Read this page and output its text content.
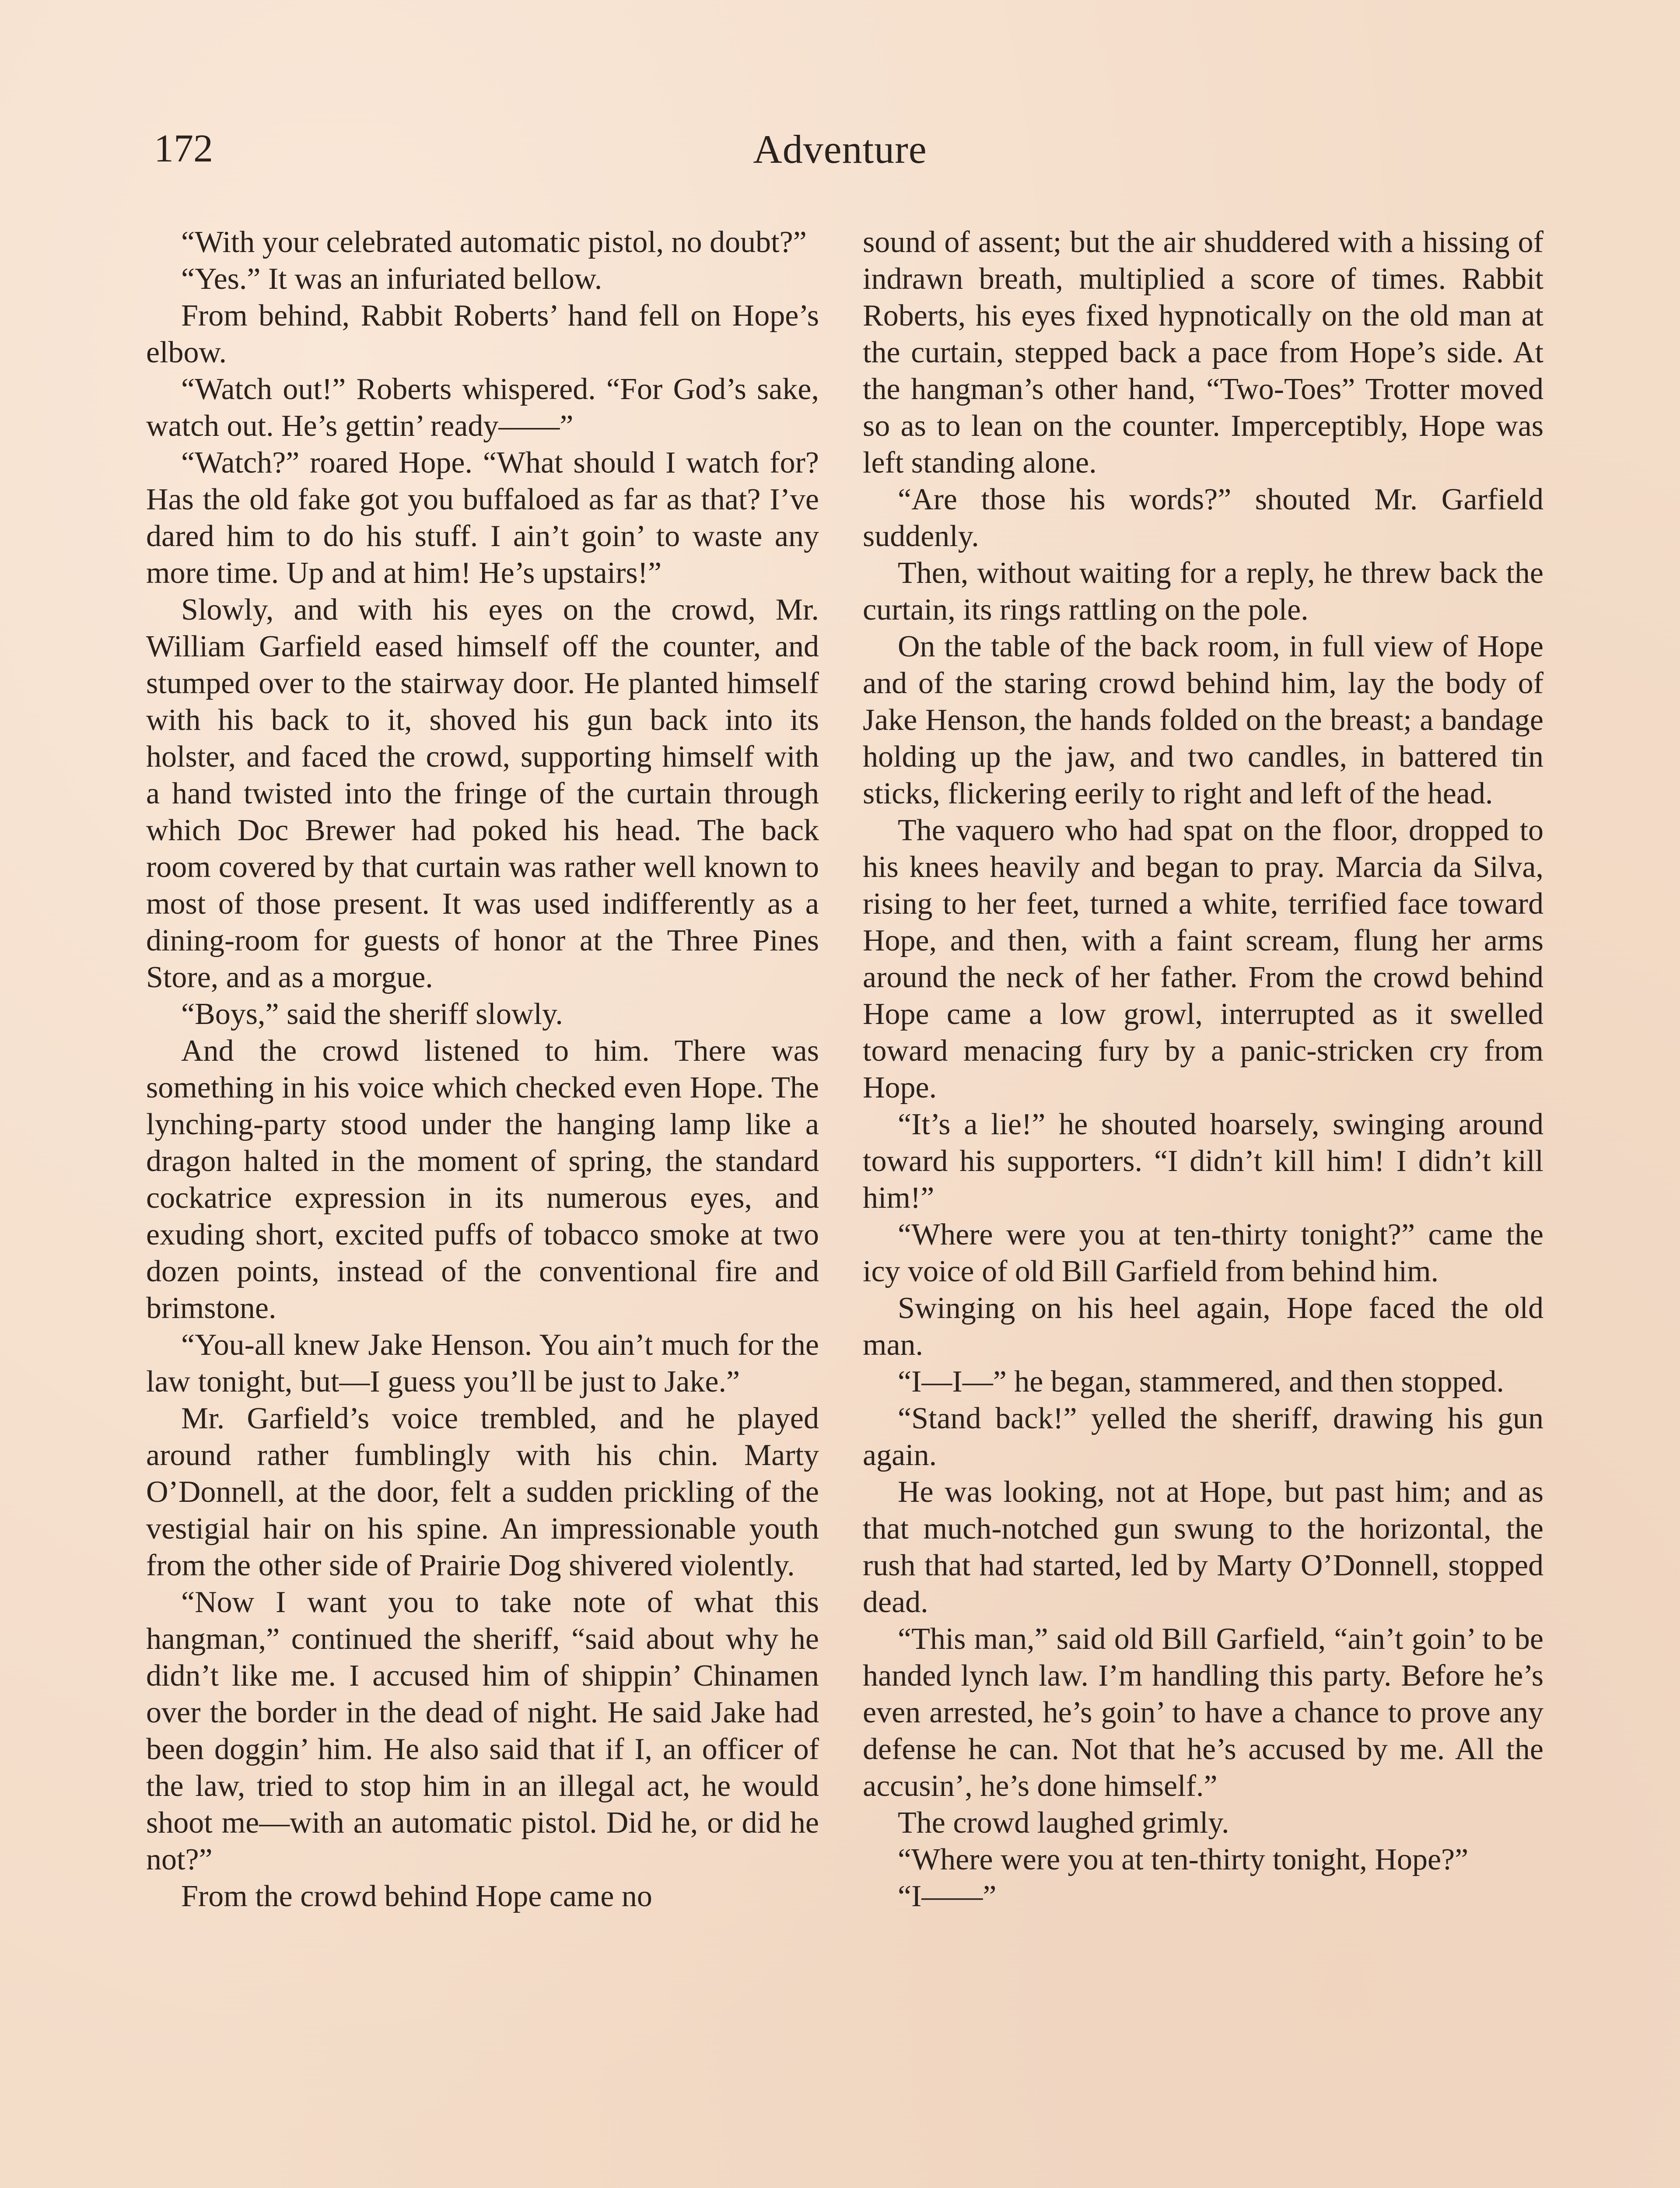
172	Adventure

“With your celebrated automatic pistol, no doubt?”

“Yes.” It was an infuriated bellow.

From behind, Rabbit Roberts’ hand fell on Hope’s elbow.

“Watch out!” Roberts whispered. “For God’s sake, watch out. He’s gettin’ ready——”

“Watch?” roared Hope. “What should I watch for? Has the old fake got you buffaloed as far as that? I’ve dared him to do his stuff. I ain’t goin’ to waste any more time. Up and at him! He’s upstairs!”

Slowly, and with his eyes on the crowd, Mr. William Garfield eased himself off the counter, and stumped over to the stairway door. He planted himself with his back to it, shoved his gun back into its holster, and faced the crowd, supporting himself with a hand twisted into the fringe of the curtain through which Doc Brewer had poked his head. The back room covered by that curtain was rather well known to most of those present. It was used indifferently as a dining-room for guests of honor at the Three Pines Store, and as a morgue.

“Boys,” said the sheriff slowly.

And the crowd listened to him. There was something in his voice which checked even Hope. The lynching-party stood under the hanging lamp like a dragon halted in the moment of spring, the standard cockatrice expression in its numerous eyes, and exuding short, excited puffs of tobacco smoke at two dozen points, instead of the conventional fire and brimstone.

“You-all knew Jake Henson. You ain’t much for the law tonight, but—I guess you’ll be just to Jake.”

Mr. Garfield’s voice trembled, and he played around rather fumblingly with his chin. Marty O’Donnell, at the door, felt a sudden prickling of the vestigial hair on his spine. An impressionable youth from the other side of Prairie Dog shivered violently.

“Now I want you to take note of what this hangman,” continued the sheriff, “said about why he didn’t like me. I accused him of shippin’ Chinamen over the border in the dead of night. He said Jake had been doggin’ him. He also said that if I, an officer of the law, tried to stop him in an illegal act, he would shoot me—with an automatic pistol. Did he, or did he not?”

From the crowd behind Hope came no

sound of assent; but the air shuddered with a hissing of indrawn breath, multiplied a score of times. Rabbit Roberts, his eyes fixed hypnotically on the old man at the curtain, stepped back a pace from Hope’s side. At the hangman’s other hand, “Two-Toes” Trotter moved so as to lean on the counter. Imperceptibly, Hope was left standing alone.

“Are those his words?” shouted Mr. Garfield suddenly.

Then, without waiting for a reply, he threw back the curtain, its rings rattling on the pole.

On the table of the back room, in full view of Hope and of the staring crowd behind him, lay the body of Jake Henson, the hands folded on the breast; a bandage holding up the jaw, and two candles, in battered tin sticks, flickering eerily to right and left of the head.

The vaquero who had spat on the floor, dropped to his knees heavily and began to pray. Marcia da Silva, rising to her feet, turned a white, terrified face toward Hope, and then, with a faint scream, flung her arms around the neck of her father. From the crowd behind Hope came a low growl, interrupted as it swelled toward menacing fury by a panic-stricken cry from Hope.

“It’s a lie!” he shouted hoarsely, swinging around toward his supporters. “I didn’t kill him! I didn’t kill him!”

“Where were you at ten-thirty tonight?” came the icy voice of old Bill Garfield from behind him.

Swinging on his heel again, Hope faced the old man.

“I—I—” he began, stammered, and then stopped.

“Stand back!” yelled the sheriff, drawing his gun again.

He was looking, not at Hope, but past him; and as that much-notched gun swung to the horizontal, the rush that had started, led by Marty O’Donnell, stopped dead.

“This man,” said old Bill Garfield, “ain’t goin’ to be handed lynch law. I’m handling this party. Before he’s even arrested, he’s goin’ to have a chance to prove any defense he can. Not that he’s accused by me. All the accusin’, he’s done himself.”

The crowd laughed grimly.

“Where were you at ten-thirty tonight, Hope?”

“I——”
